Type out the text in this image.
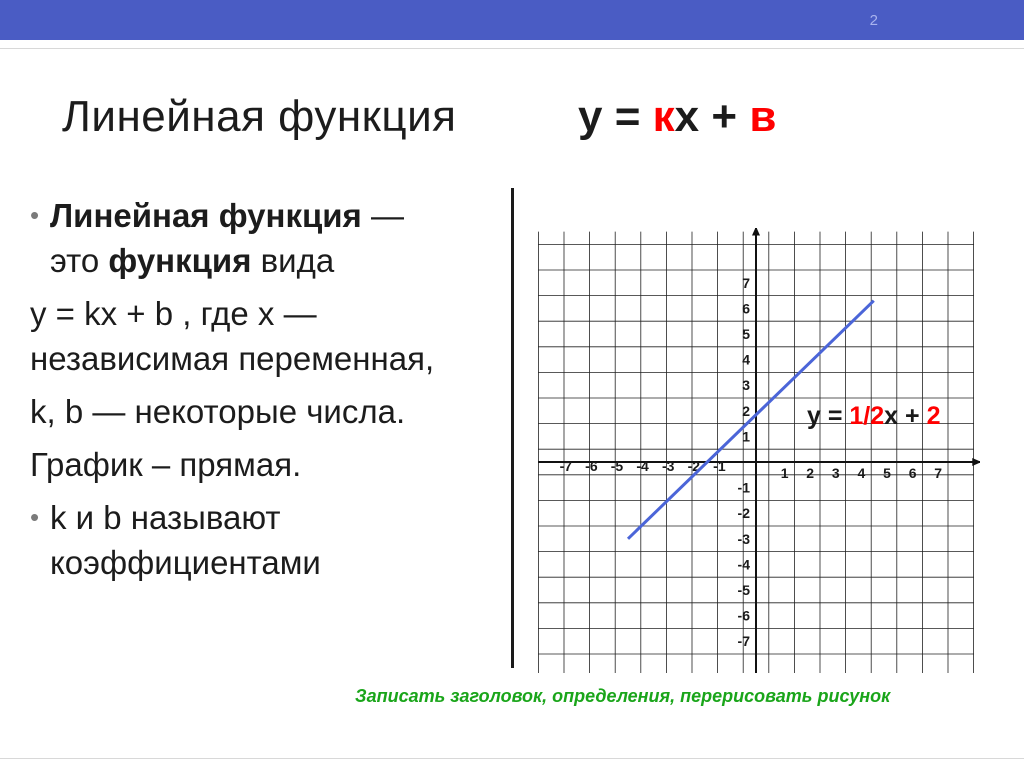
2
Линейная функция	y = кx + в
• Линейная функция —
это функция вида
y = kx + b , где x — независимая переменная,
k, b — некоторые числа.
График – прямая.
• k и b называют коэффициентами
-7 -6 -5 -4 -3 -2 -1	1 2 3 4 5 6 7
7
6
5
4
3
2
1
-1
-2
-3
-4
-5
-6
-7
y = 1/2x + 2
Записать заголовок, определения, перерисовать рисунок
